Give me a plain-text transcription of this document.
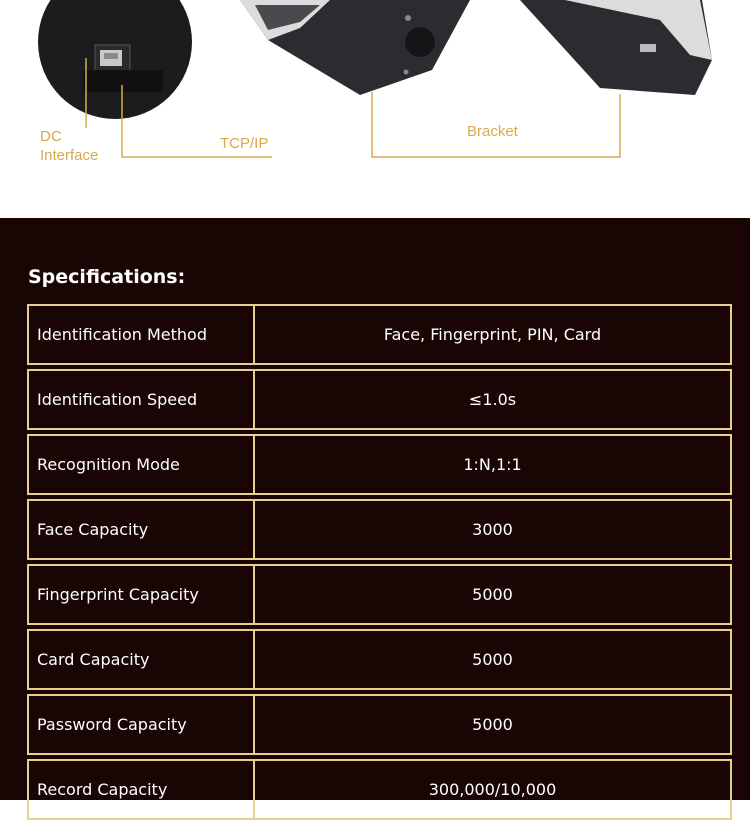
DC Interface
TCP/IP
Bracket
Specifications:
Identification Method	Face, Fingerprint, PIN, Card
Identification Speed	≤1.0s
Recognition Mode	1:N,1:1
Face Capacity	3000
Fingerprint Capacity	5000
Card Capacity	5000
Password Capacity	5000
Record Capacity	300,000/10,000
